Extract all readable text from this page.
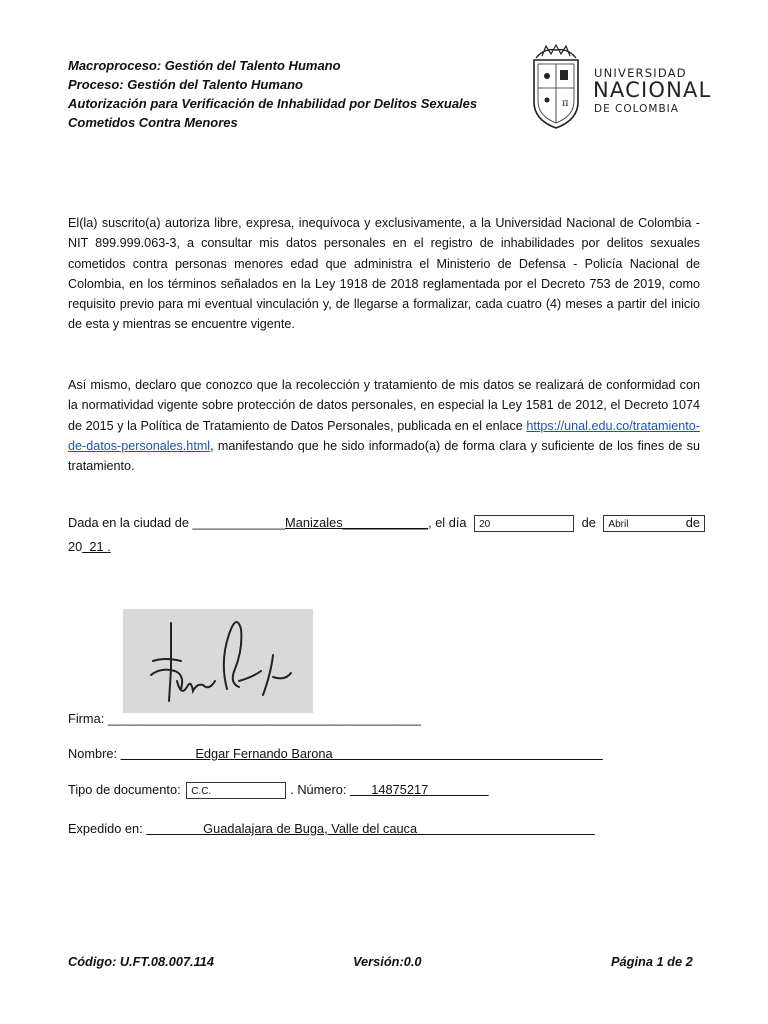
Macroproceso: Gestión del Talento Humano
Proceso: Gestión del Talento Humano
Autorización para Verificación de Inhabilidad por Delitos Sexuales
Cometidos Contra Menores
π
UNIVERSIDAD
NACIONAL
DE COLOMBIA
El(la) suscrito(a) autoriza libre, expresa, inequívoca y exclusivamente, a la Universidad Nacional de Colombia - NIT 899.999.063-3, a consultar mis datos personales en el registro de inhabilidades por delitos sexuales cometidos contra personas menores edad que administra el Ministerio de Defensa - Policía Nacional de Colombia, en los términos señalados en la Ley 1918 de 2018 reglamentada por el Decreto 753 de 2019, como requisito previo para mi eventual vinculación y, de llegarse a formalizar, cada cuatro (4) meses a partir del inicio de esta y mientras se encuentre vigente.
Así mismo, declaro que conozco que la recolección y tratamiento de mis datos se realizará de conformidad con la normatividad vigente sobre protección de datos personales, en especial la Ley 1581 de 2012, el Decreto 1074 de 2015 y la Política de Tratamiento de Datos Personales, publicada en el enlace https://unal.edu.co/tratamiento-de-datos-personales.html, manifestando que he sido informado(a) de forma clara y suficiente de los fines de su tratamiento.
Dada en la ciudad de _____________Manizales____________, el día 20	de Abril	de
20 21 .
Firma: ____________________________________________
Nombre:	Edgar Fernando Barona
Tipo de documento: C.C.	. Número: 14875217
Expedido en:	Guadalajara de Buga, Valle del cauca
Código: U.FT.08.007.114	Versión:0.0	Página 1 de 2
